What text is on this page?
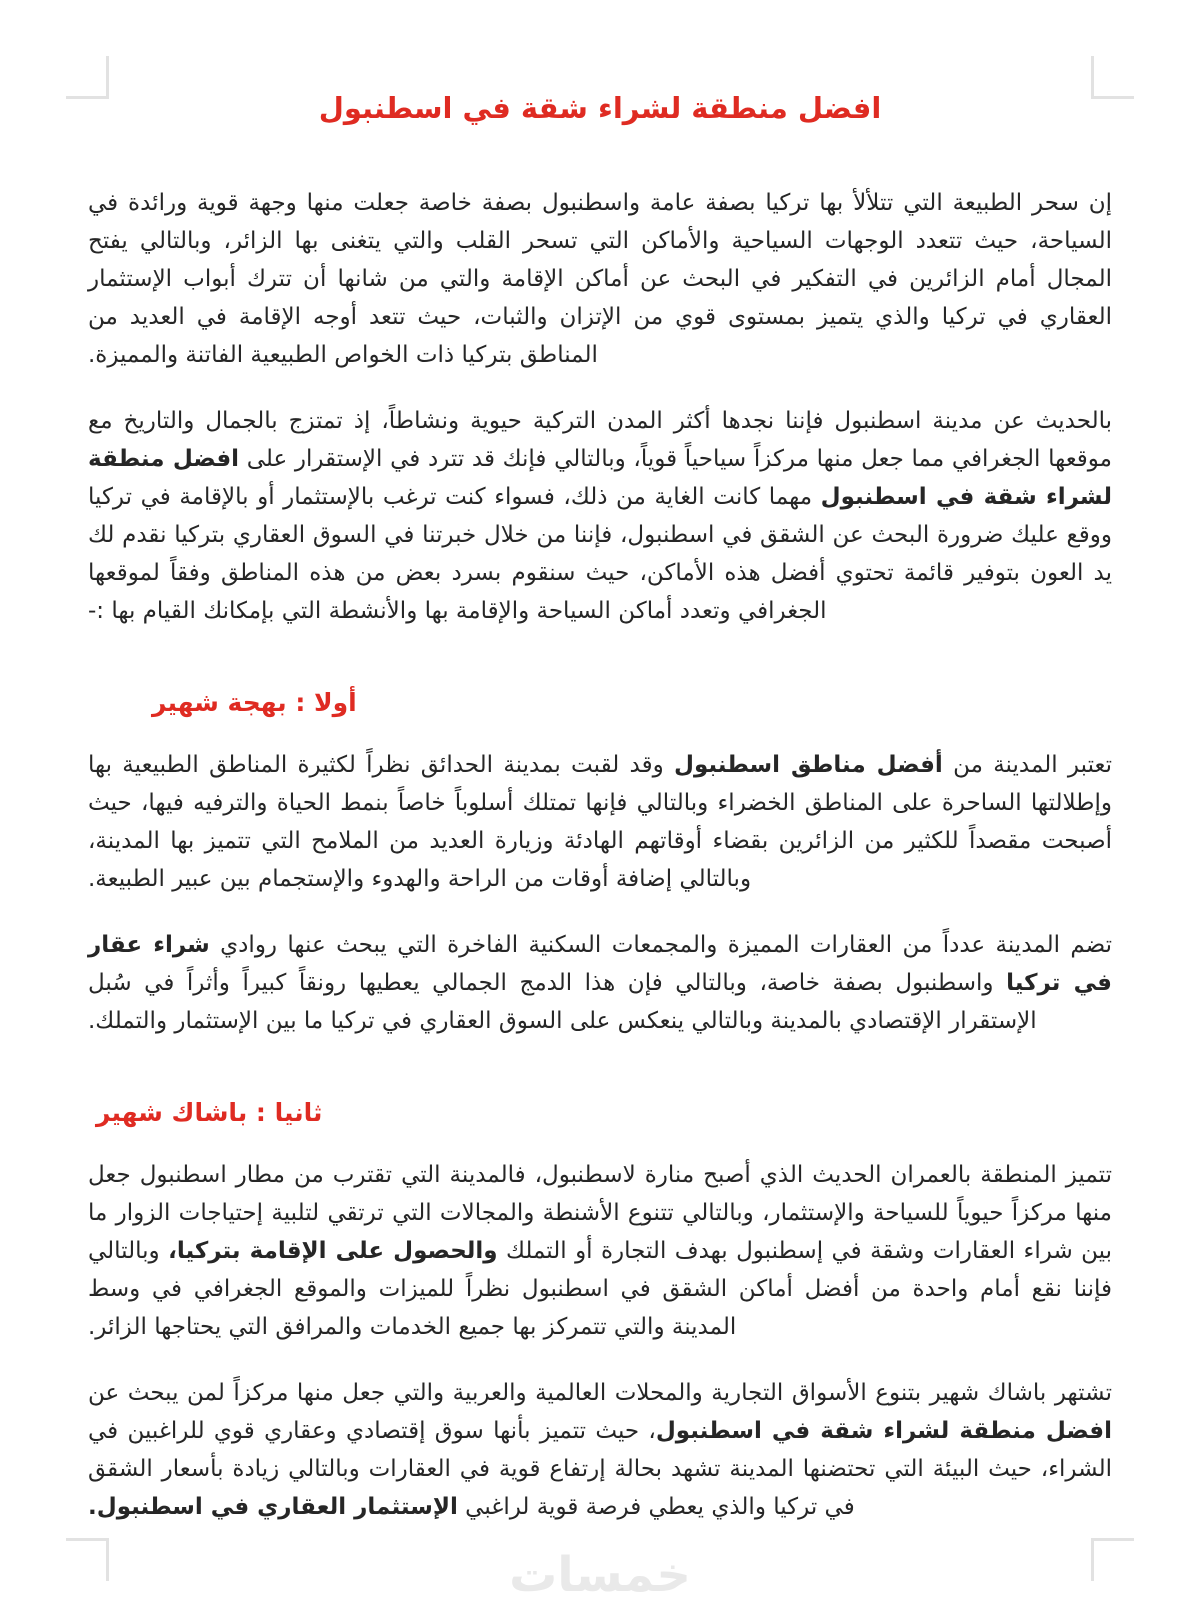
افضل منطقة لشراء شقة في اسطنبول

إن سحر الطبيعة التي تتلألأ بها تركيا بصفة عامة واسطنبول بصفة خاصة جعلت منها وجهة قوية ورائدة في السياحة، حيث تتعدد الوجهات السياحية والأماكن التي تسحر القلب والتي يتغنى بها الزائر، وبالتالي يفتح المجال أمام الزائرين في التفكير في البحث عن أماكن الإقامة والتي من شانها أن تترك أبواب الإستثمار العقاري في تركيا والذي يتميز بمستوى قوي من الإتزان والثبات، حيث تتعد أوجه الإقامة في العديد من المناطق بتركيا ذات الخواص الطبيعية الفاتنة والمميزة.

بالحديث عن مدينة اسطنبول فإننا نجدها أكثر المدن التركية حيوية ونشاطاً، إذ تمتزج بالجمال والتاريخ مع موقعها الجغرافي مما جعل منها مركزاً سياحياً قوياً، وبالتالي فإنك قد تترد في الإستقرار على افضل منطقة لشراء شقة في اسطنبول مهما كانت الغاية من ذلك، فسواء كنت ترغب بالإستثمار أو بالإقامة في تركيا ووقع عليك ضرورة البحث عن الشقق في اسطنبول، فإننا من خلال خبرتنا في السوق العقاري بتركيا نقدم لك يد العون بتوفير قائمة تحتوي أفضل هذه الأماكن، حيث سنقوم بسرد بعض من هذه المناطق وفقاً لموقعها الجغرافي وتعدد أماكن السياحة والإقامة بها والأنشطة التي بإمكانك القيام بها :-

أولا : بهجة شهير

تعتبر المدينة من أفضل مناطق اسطنبول وقد لقبت بمدينة الحدائق نظراً لكثيرة المناطق الطبيعية بها وإطلالتها الساحرة على المناطق الخضراء وبالتالي فإنها تمتلك أسلوباً خاصاً بنمط الحياة والترفيه فيها، حيث أصبحت مقصداً للكثير من الزائرين بقضاء أوقاتهم الهادئة وزيارة العديد من الملامح التي تتميز بها المدينة، وبالتالي إضافة أوقات من الراحة والهدوء والإستجمام بين عبير الطبيعة.

تضم المدينة عدداً من العقارات المميزة والمجمعات السكنية الفاخرة التي يبحث عنها روادي شراء عقار في تركيا واسطنبول بصفة خاصة، وبالتالي فإن هذا الدمج الجمالي يعطيها رونقاً كبيراً وأثراً في سُبل الإستقرار الإقتصادي بالمدينة وبالتالي ينعكس على السوق العقاري في تركيا ما بين الإستثمار والتملك.

ثانيا : باشاك شهير

تتميز المنطقة بالعمران الحديث الذي أصبح منارة لاسطنبول، فالمدينة التي تقترب من مطار اسطنبول جعل منها مركزاً حيوياً للسياحة والإستثمار، وبالتالي تتنوع الأشنطة والمجالات التي ترتقي لتلبية إحتياجات الزوار ما بين شراء العقارات وشقة في إسطنبول بهدف التجارة أو التملك والحصول على الإقامة بتركيا، وبالتالي فإننا نقع أمام واحدة من أفضل أماكن الشقق في اسطنبول نظراً للميزات والموقع الجغرافي في وسط المدينة والتي تتمركز بها جميع الخدمات والمرافق التي يحتاجها الزائر.

تشتهر باشاك شهير بتنوع الأسواق التجارية والمحلات العالمية والعربية والتي جعل منها مركزاً لمن يبحث عن افضل منطقة لشراء شقة في اسطنبول، حيث تتميز بأنها سوق إقتصادي وعقاري قوي للراغبين في الشراء، حيث البيئة التي تحتضنها المدينة تشهد بحالة إرتفاع قوية في العقارات وبالتالي زيادة بأسعار الشقق في تركيا والذي يعطي فرصة قوية لراغبي الإستثمار العقاري في اسطنبول.

خمسات
